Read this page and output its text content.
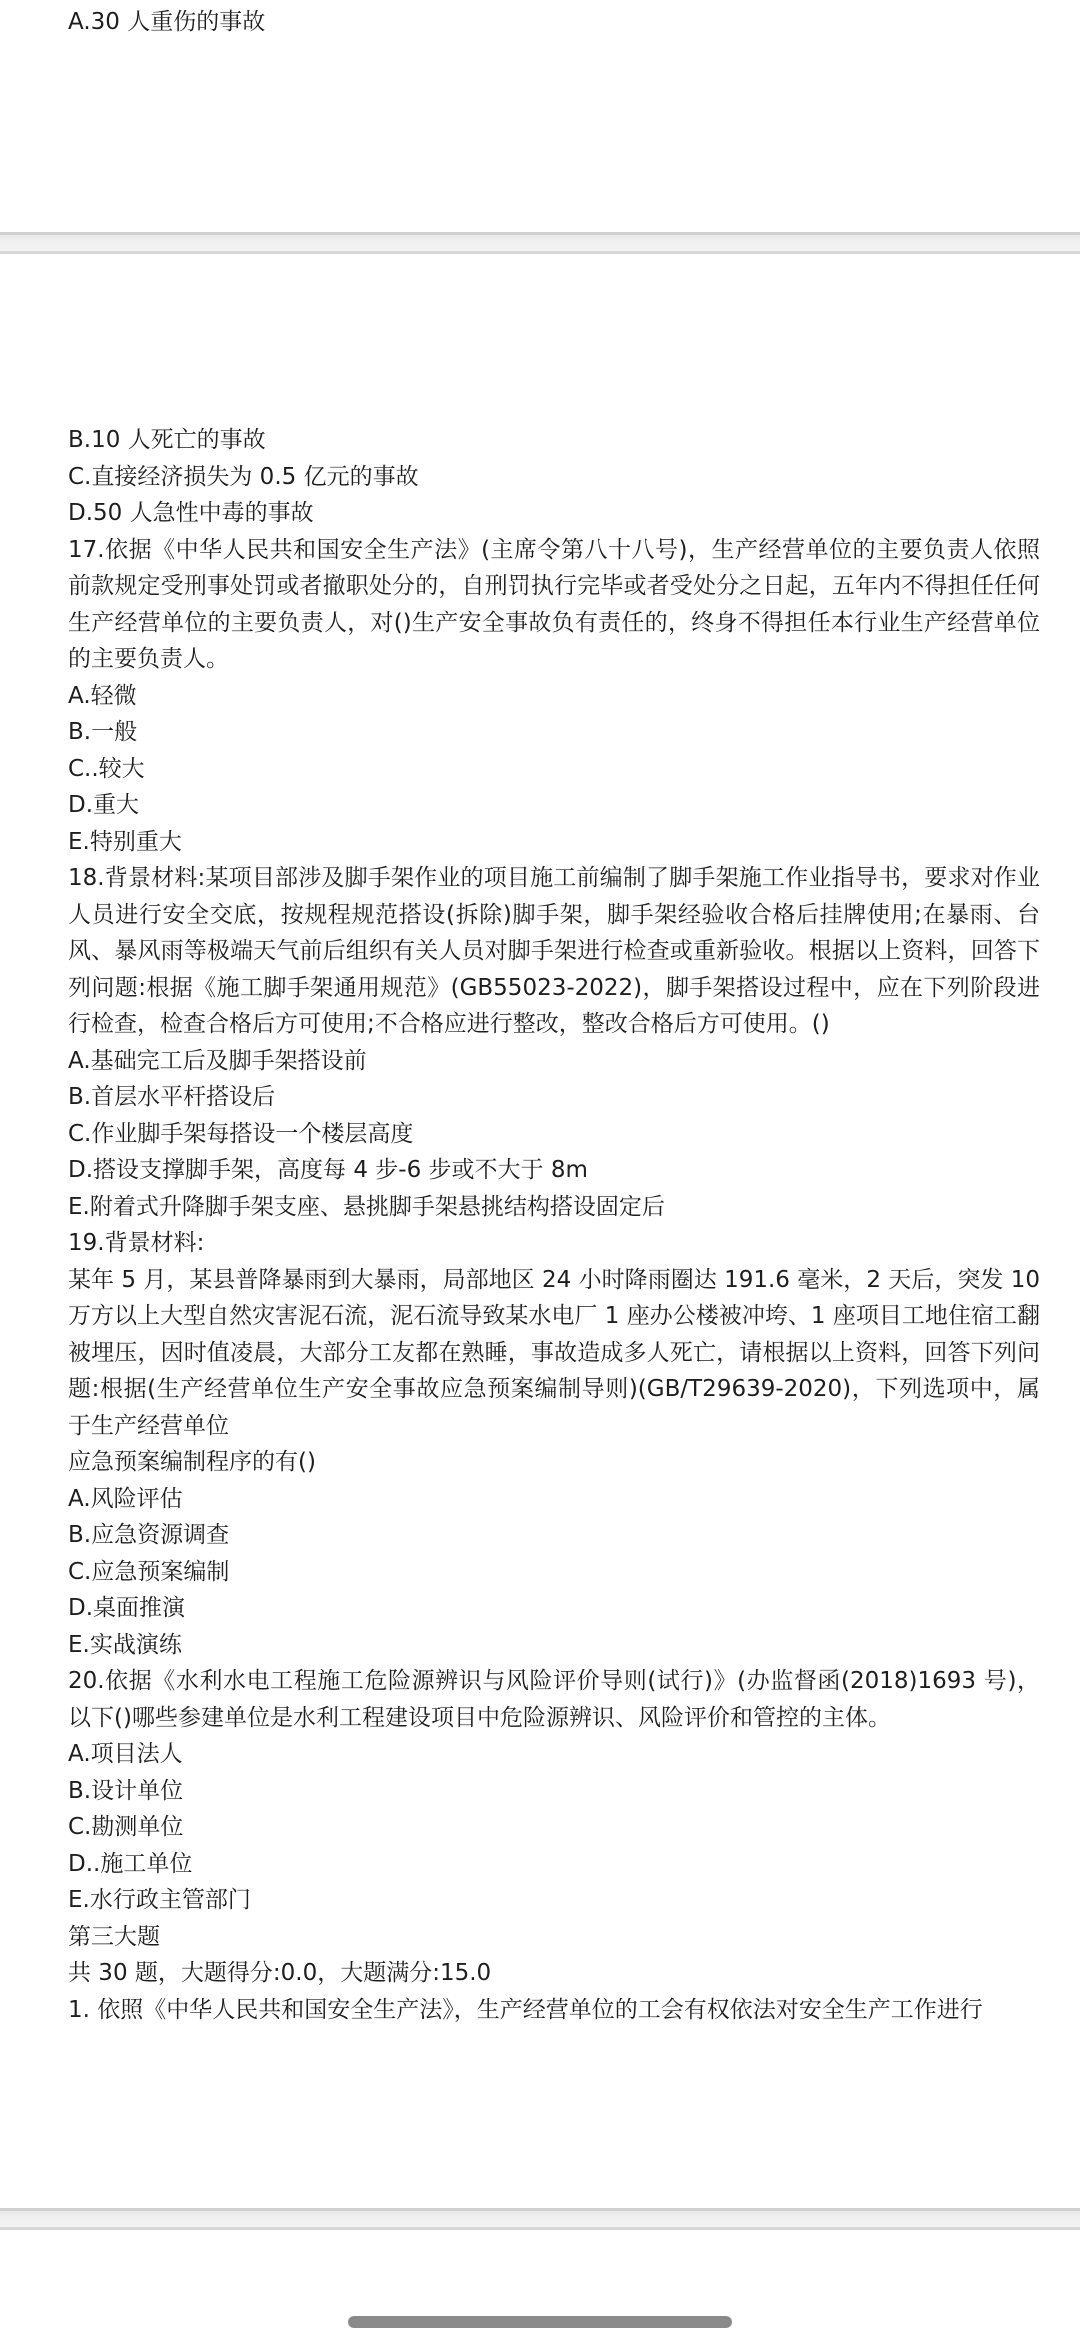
A.30 人重伤的事故
B.10 人死亡的事故
C.直接经济损失为 0.5 亿元的事故
D.50 人急性中毒的事故
17.依据《中华人民共和国安全生产法》(主席令第八十八号)，生产经营单位的主要负责人依照前款规定受刑事处罚或者撤职处分的，自刑罚执行完毕或者受处分之日起，五年内不得担任任何生产经营单位的主要负责人，对()生产安全事故负有责任的，终身不得担任本行业生产经营单位的主要负责人。
A.轻微
B.一般
C..较大
D.重大
E.特别重大
18.背景材料:某项目部涉及脚手架作业的项目施工前编制了脚手架施工作业指导书，要求对作业人员进行安全交底，按规程规范搭设(拆除)脚手架，脚手架经验收合格后挂牌使用;在暴雨、台风、暴风雨等极端天气前后组织有关人员对脚手架进行检查或重新验收。根据以上资料，回答下列问题:根据《施工脚手架通用规范》(GB55023-2022)，脚手架搭设过程中，应在下列阶段进行检查，检查合格后方可使用;不合格应进行整改，整改合格后方可使用。()
A.基础完工后及脚手架搭设前
B.首层水平杆搭设后
C.作业脚手架每搭设一个楼层高度
D.搭设支撑脚手架，高度每 4 步-6 步或不大于 8m
E.附着式升降脚手架支座、悬挑脚手架悬挑结构搭设固定后
19.背景材料:
某年 5 月，某县普降暴雨到大暴雨，局部地区 24 小时降雨圈达 191.6 毫米，2 天后，突发 10 万方以上大型自然灾害泥石流，泥石流导致某水电厂 1 座办公楼被冲垮、1 座项目工地住宿工翻被埋压，因时值凌晨，大部分工友都在熟睡，事故造成多人死亡，请根据以上资料，回答下列问题:根据(生产经营单位生产安全事故应急预案编制导则)(GB/T29639-2020)，下列选项中，属于生产经营单位
应急预案编制程序的有()
A.风险评估
B.应急资源调查
C.应急预案编制
D.桌面推演
E.实战演练
20.依据《水利水电工程施工危险源辨识与风险评价导则(试行)》(办监督函(2018)1693 号)，以下()哪些参建单位是水利工程建设项目中危险源辨识、风险评价和管控的主体。
A.项目法人
B.设计单位
C.勘测单位
D..施工单位
E.水行政主管部门
第三大题
共 30 题，大题得分:0.0，大题满分:15.0
1. 依照《中华人民共和国安全生产法》，生产经营单位的工会有权依法对安全生产工作进行
